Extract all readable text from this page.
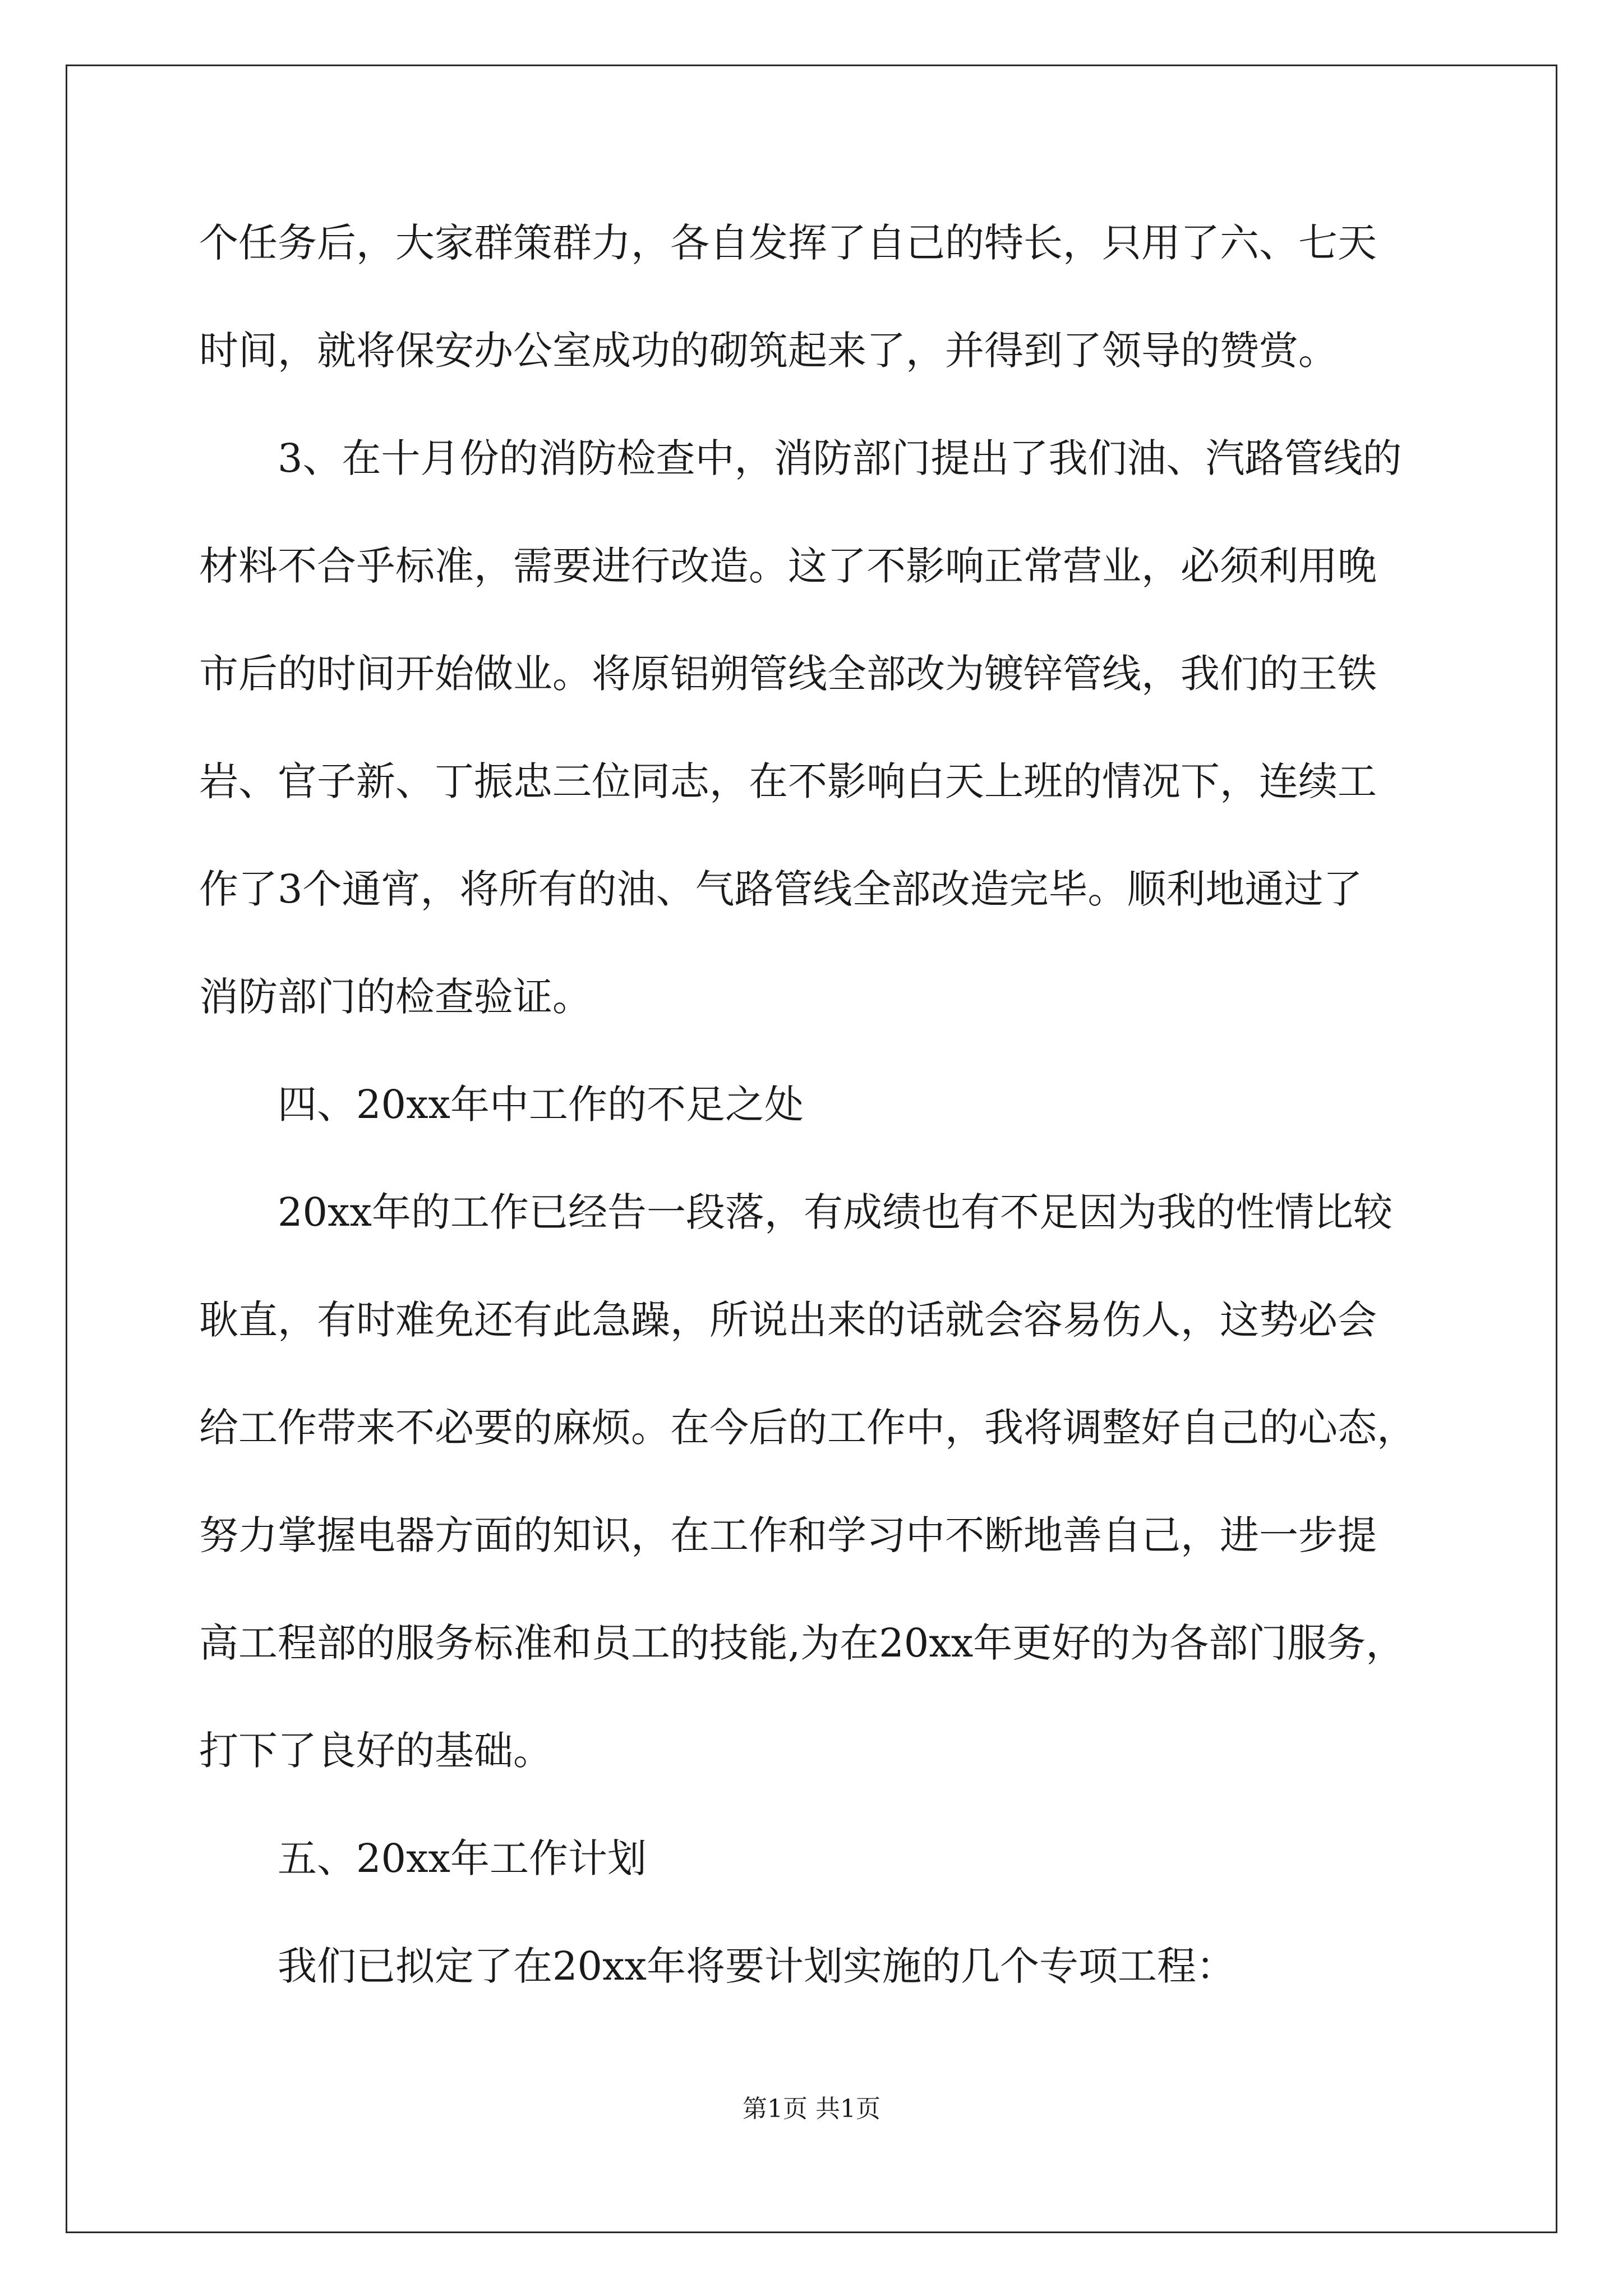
个任务后，大家群策群力，各自发挥了自己的特长，只用了六、七天

时间，就将保安办公室成功的砌筑起来了，并得到了领导的赞赏。

3、在十月份的消防检查中，消防部门提出了我们油、汽路管线的

材料不合乎标准，需要进行改造。这了不影响正常营业，必须利用晚

市后的时间开始做业。将原铝朔管线全部改为镀锌管线，我们的王铁

岩、官子新、丁振忠三位同志，在不影响白天上班的情况下，连续工

作了3个通宵，将所有的油、气路管线全部改造完毕。顺利地通过了

消防部门的检查验证。

四、20xx年中工作的不足之处

20xx年的工作已经告一段落，有成绩也有不足因为我的性情比较

耿直，有时难免还有此急躁，所说出来的话就会容易伤人，这势必会

给工作带来不必要的麻烦。在今后的工作中，我将调整好自己的心态，

努力掌握电器方面的知识，在工作和学习中不断地善自己，进一步提

高工程部的服务标准和员工的技能,为在20xx年更好的为各部门服务，

打下了良好的基础。

五、20xx年工作计划

我们已拟定了在20xx年将要计划实施的几个专项工程：

第1页 共1页
